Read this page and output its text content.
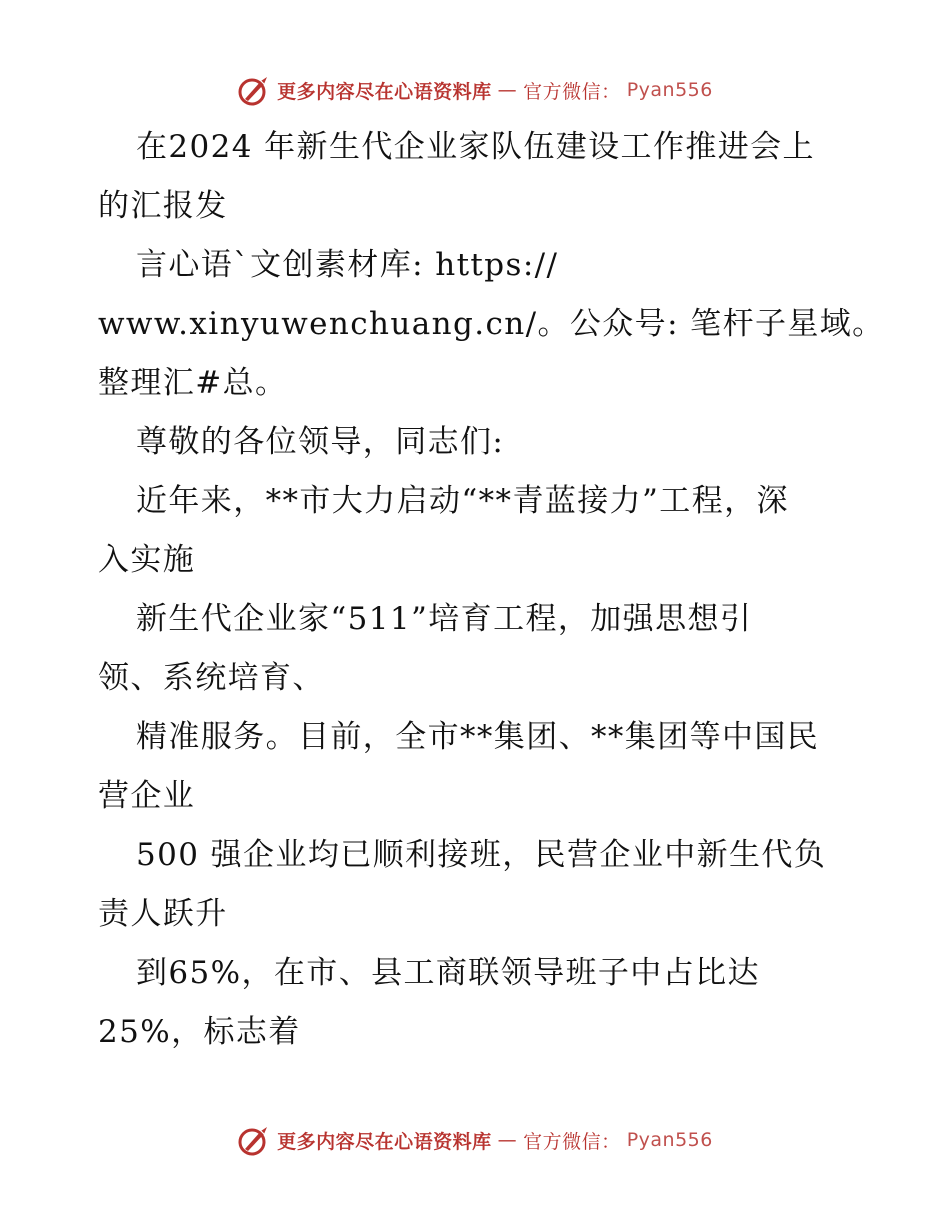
更多内容尽在心语资料库 — 官方微信： Pyan556
在2024 年新生代企业家队伍建设工作推进会上
的汇报发
言心语`文创素材库: https://
www.xinyuwenchuang.cn/。公众号: 笔杆子星域。
整理汇#总。
尊敬的各位领导，同志们:
近年来，**市大力启动“**青蓝接力”工程，深
入实施
新生代企业家“511”培育工程，加强思想引
领、系统培育、
精准服务。目前，全市**集团、**集团等中国民
营企业
500 强企业均已顺利接班，民营企业中新生代负
责人跃升
到65%，在市、县工商联领导班子中占比达
25%，标志着
更多内容尽在心语资料库 — 官方微信： Pyan556
